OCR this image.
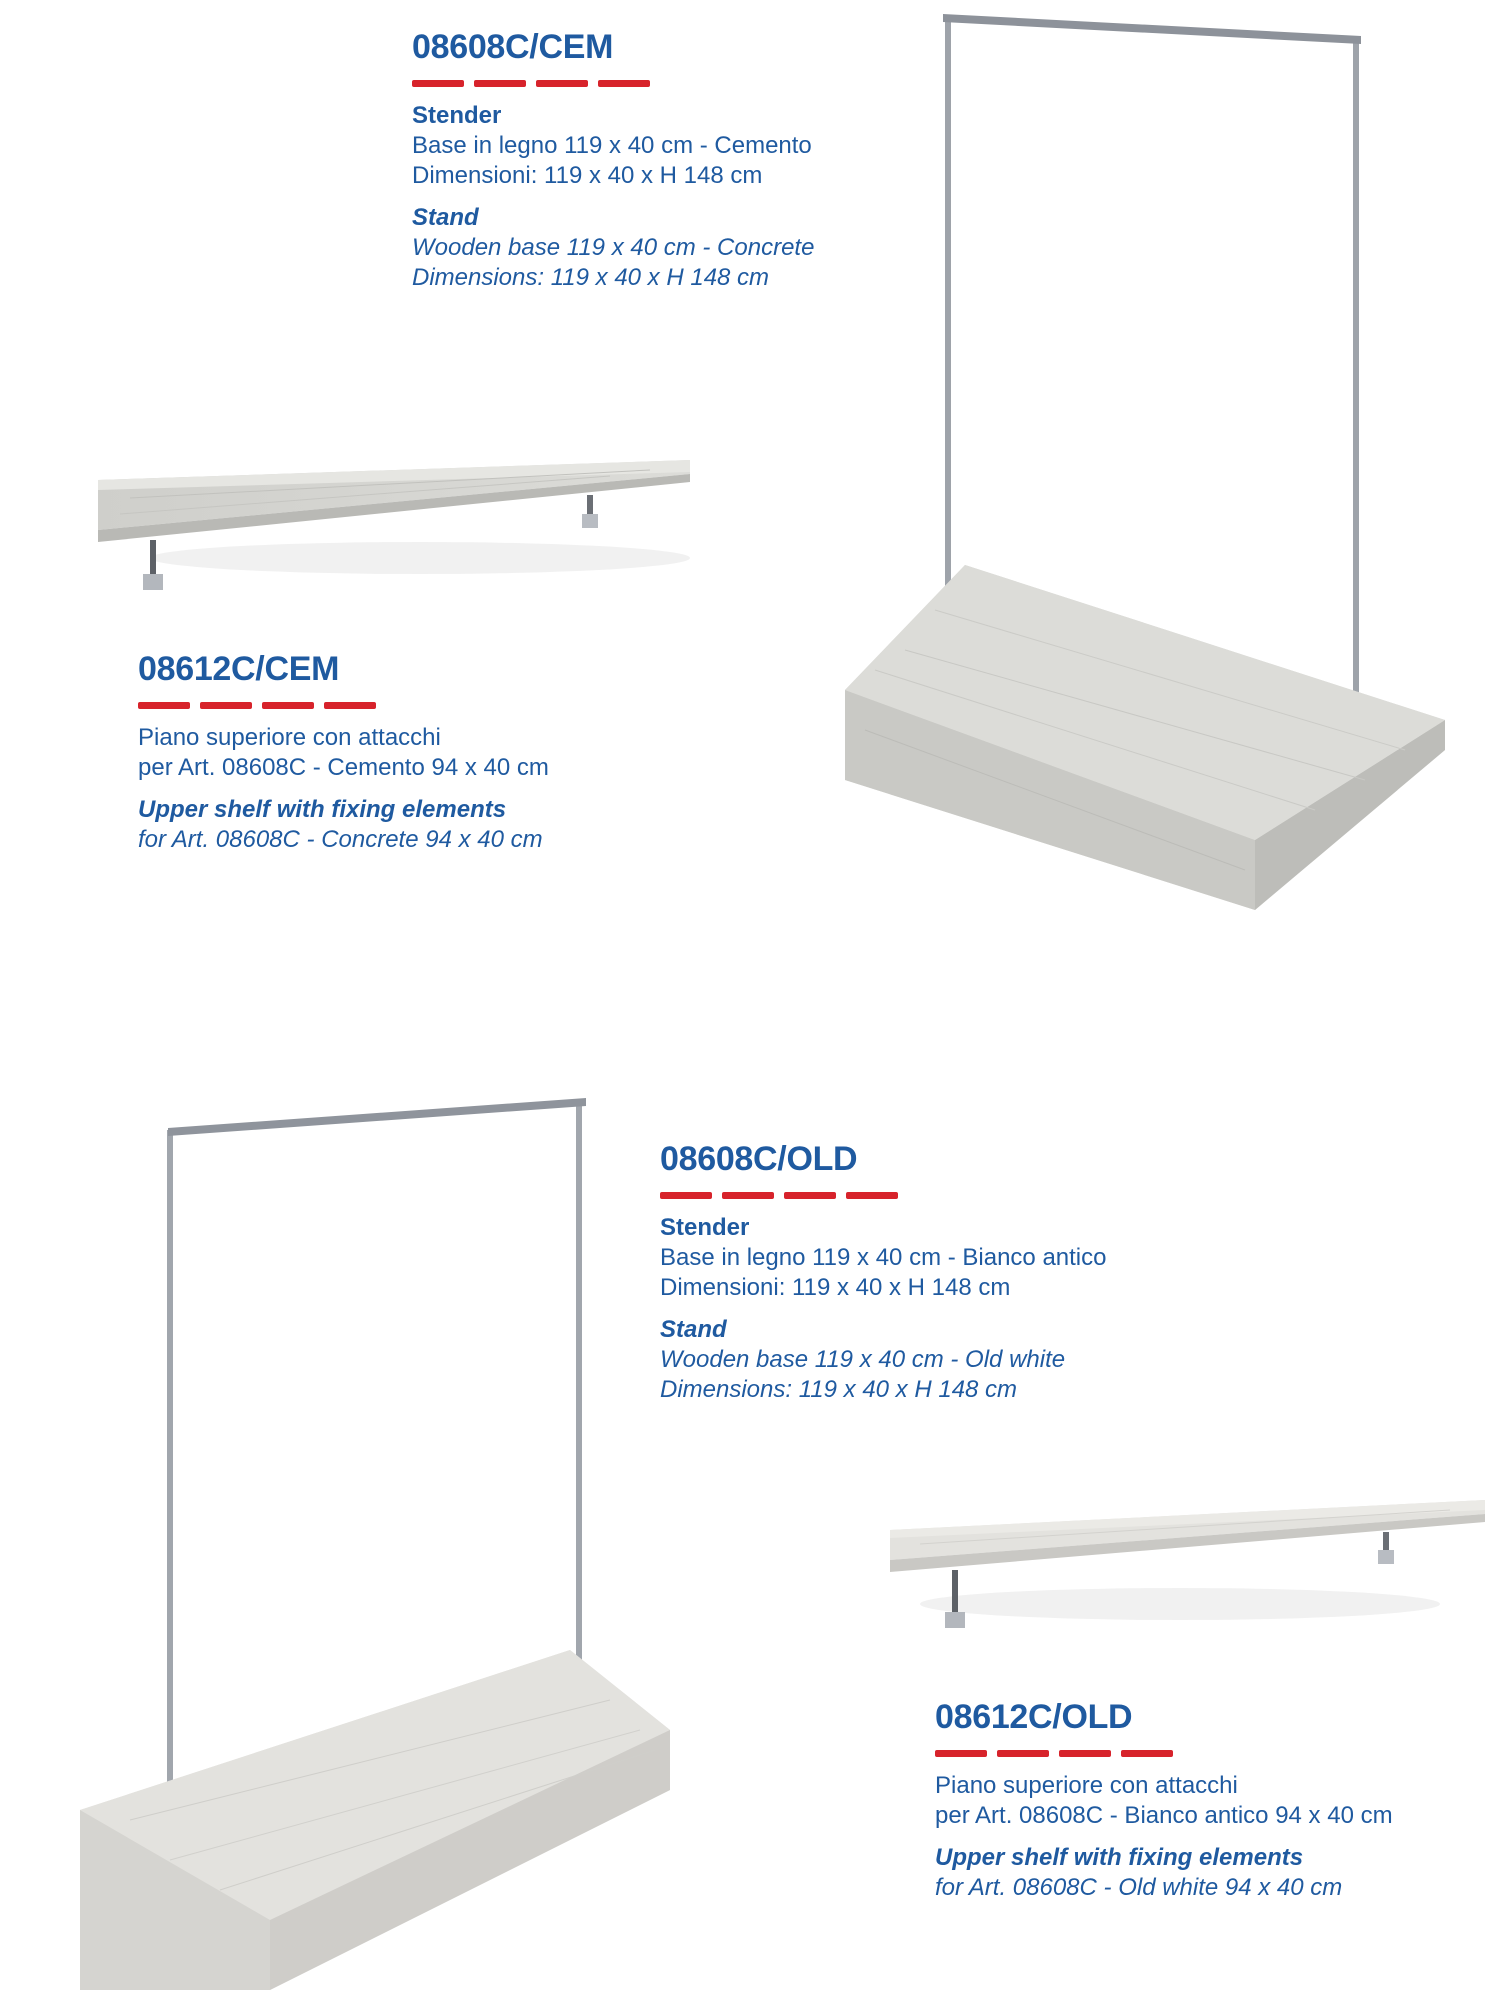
08608C/CEM
Stender
Base in legno 119 x 40 cm - Cemento
Dimensioni: 119 x 40 x H 148 cm
Stand
Wooden base 119 x 40 cm - Concrete
Dimensions: 119 x 40 x H 148 cm
08612C/CEM
Piano superiore con attacchi
per Art. 08608C - Cemento 94 x 40 cm
Upper shelf with fixing elements
for Art. 08608C - Concrete 94 x 40 cm
08608C/OLD
Stender
Base in legno 119 x 40 cm - Bianco antico
Dimensioni: 119 x 40 x H 148 cm
Stand
Wooden base 119 x 40 cm - Old white
Dimensions: 119 x 40 x H 148 cm
08612C/OLD
Piano superiore con attacchi
per Art. 08608C - Bianco antico 94 x 40 cm
Upper shelf with fixing elements
for Art. 08608C - Old white 94 x 40 cm
